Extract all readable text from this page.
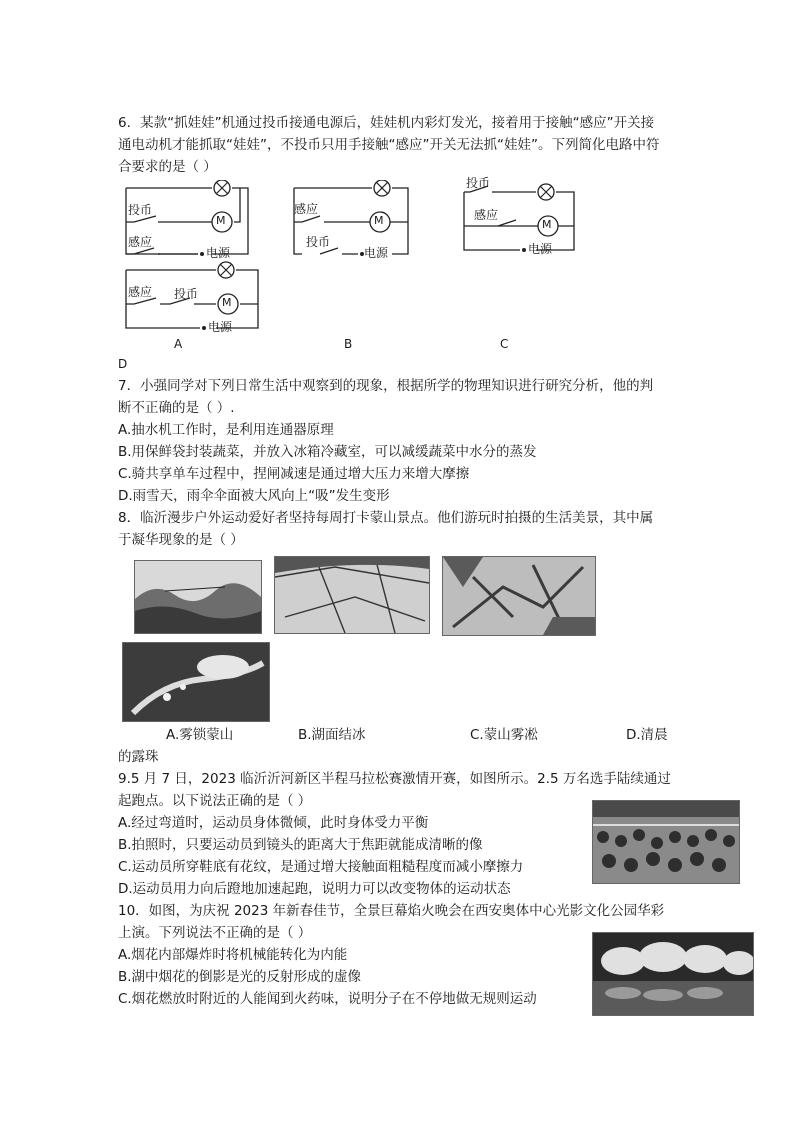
6．某款“抓娃娃”机通过投币接通电源后，娃娃机内彩灯发光，接着用于接触“感应”开关接
通电动机才能抓取“娃娃”，不投币只用手接触“感应”开关无法抓“娃娃”。下列简化电路中符
合要求的是（ ）
投币
M
感应
电源
感应
M
投币
电源
投币
感应
M
电源
感应 投币
M
电源
A	B	C
D
7．小强同学对下列日常生活中观察到的现象，根据所学的物理知识进行研究分析，他的判
断不正确的是（ ）.
A.抽水机工作时，是利用连通器原理
B.用保鲜袋封装蔬菜，并放入冰箱冷藏室，可以减缓蔬菜中水分的蒸发
C.骑共享单车过程中，捏闸减速是通过增大压力来增大摩擦
D.雨雪天，雨伞伞面被大风向上“吸”发生变形
8．临沂漫步户外运动爱好者坚持每周打卡蒙山景点。他们游玩时拍摄的生活美景，其中属
于凝华现象的是（ ）
A.雾锁蒙山	B.湖面结冰	C.蒙山雾凇	D.清晨
的露珠
9.5 月 7 日，2023 临沂沂河新区半程马拉松赛激情开赛，如图所示。2.5 万名选手陆续通过
起跑点。以下说法正确的是（ ）
A.经过弯道时，运动员身体微倾，此时身体受力平衡
B.拍照时，只要运动员到镜头的距离大于焦距就能成清晰的像
C.运动员所穿鞋底有花纹，是通过增大接触面粗糙程度而减小摩擦力
D.运动员用力向后蹬地加速起跑，说明力可以改变物体的运动状态
10．如图，为庆祝 2023 年新春佳节，全景巨幕焰火晚会在西安奥体中心光影文化公园华彩
上演。下列说法不正确的是（ ）
A.烟花内部爆炸时将机械能转化为内能
B.湖中烟花的倒影是光的反射形成的虚像
C.烟花燃放时附近的人能闻到火药味，说明分子在不停地做无规则运动
